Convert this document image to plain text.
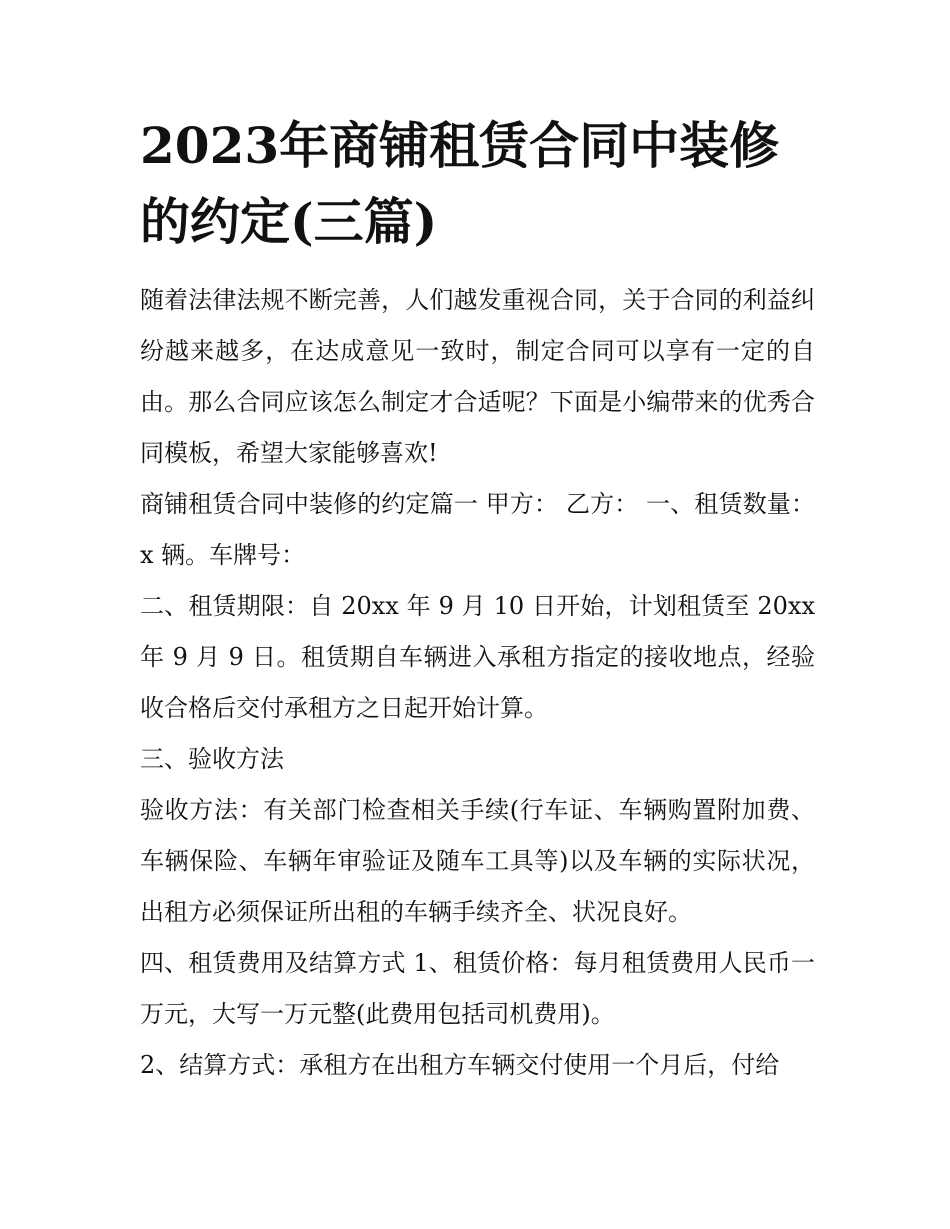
2023年商铺租赁合同中装修的约定(三篇)

随着法律法规不断完善，人们越发重视合同，关于合同的利益纠纷越来越多，在达成意见一致时，制定合同可以享有一定的自由。那么合同应该怎么制定才合适呢？下面是小编带来的优秀合同模板，希望大家能够喜欢!

商铺租赁合同中装修的约定篇一 甲方： 乙方： 一、租赁数量：x 辆。车牌号：

二、租赁期限：自 20xx 年 9 月 10 日开始，计划租赁至 20xx 年 9 月 9 日。租赁期自车辆进入承租方指定的接收地点，经验收合格后交付承租方之日起开始计算。

三、验收方法

验收方法：有关部门检查相关手续(行车证、车辆购置附加费、车辆保险、车辆年审验证及随车工具等)以及车辆的实际状况，出租方必须保证所出租的车辆手续齐全、状况良好。

四、租赁费用及结算方式 1、租赁价格：每月租赁费用人民币一万元，大写一万元整(此费用包括司机费用)。

2、结算方式：承租方在出租方车辆交付使用一个月后，付给
